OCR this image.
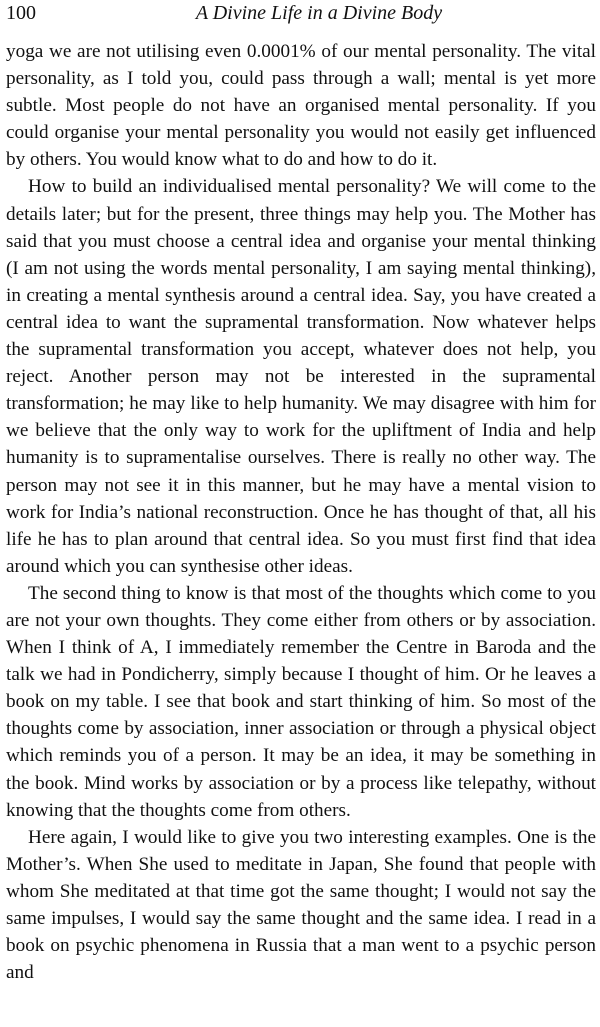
100	A Divine Life in a Divine Body

yoga we are not utilising even 0.0001% of our mental personality. The vital personality, as I told you, could pass through a wall; mental is yet more subtle. Most people do not have an organised mental personality. If you could organise your mental personality you would not easily get influenced by others. You would know what to do and how to do it.

How to build an individualised mental personality? We will come to the details later; but for the present, three things may help you. The Mother has said that you must choose a central idea and organise your mental thinking (I am not using the words mental personality, I am saying mental thinking), in creating a mental synthesis around a central idea. Say, you have created a central idea to want the supramental transformation. Now whatever helps the supramental transformation you accept, whatever does not help, you reject. Another person may not be interested in the supramental transformation; he may like to help humanity. We may disagree with him for we believe that the only way to work for the upliftment of India and help humanity is to supramentalise ourselves. There is really no other way. The person may not see it in this manner, but he may have a mental vision to work for India’s national reconstruction. Once he has thought of that, all his life he has to plan around that central idea. So you must first find that idea around which you can synthesise other ideas.

The second thing to know is that most of the thoughts which come to you are not your own thoughts. They come either from others or by association. When I think of A, I immediately remember the Centre in Baroda and the talk we had in Pondicherry, simply because I thought of him. Or he leaves a book on my table. I see that book and start thinking of him. So most of the thoughts come by association, inner association or through a physical object which reminds you of a person. It may be an idea, it may be something in the book. Mind works by association or by a process like telepathy, without knowing that the thoughts come from others.

Here again, I would like to give you two interesting examples. One is the Mother’s. When She used to meditate in Japan, She found that people with whom She meditated at that time got the same thought; I would not say the same impulses, I would say the same thought and the same idea. I read in a book on psychic phenomena in Russia that a man went to a psychic person and
